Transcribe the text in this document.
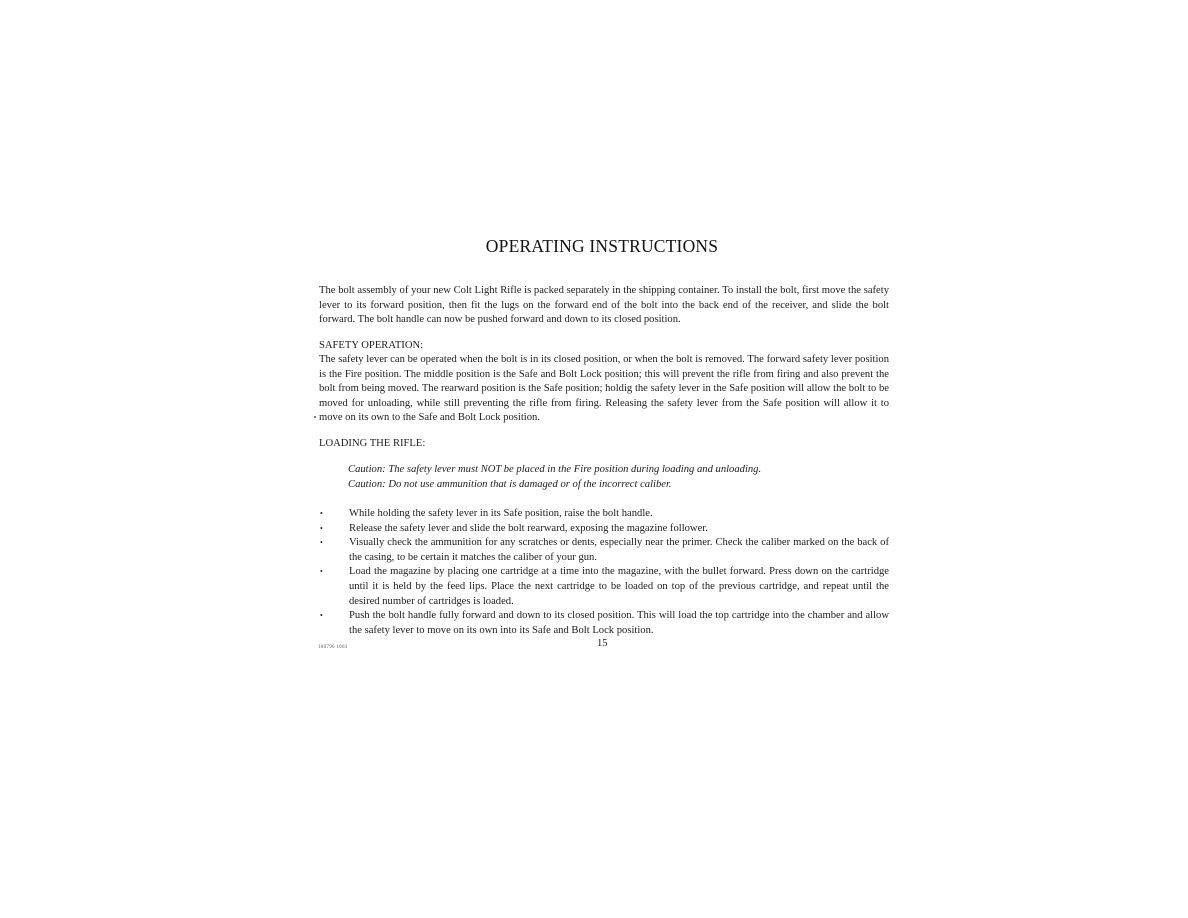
OPERATING INSTRUCTIONS
The bolt assembly of your new Colt Light Rifle is packed separately in the shipping container. To install the bolt, first move the safety lever to its forward position, then fit the lugs on the forward end of the bolt into the back end of the receiver, and slide the bolt forward. The bolt handle can now be pushed forward and down to its closed position.
SAFETY OPERATION:
The safety lever can be operated when the bolt is in its closed position, or when the bolt is removed. The forward safety lever position is the Fire position. The middle position is the Safe and Bolt Lock position; this will prevent the rifle from firing and also prevent the bolt from being moved. The rearward position is the Safe position; holdig the safety lever in the Safe position will allow the bolt to be moved for unloading, while still preventing the rifle from firing. Releasing the safety lever from the Safe position will allow it to move on its own to the Safe and Bolt Lock position.
LOADING THE RIFLE:
Caution: The safety lever must NOT be placed in the Fire position during loading and unloading.
Caution: Do not use ammunition that is damaged or of the incorrect caliber.
• While holding the safety lever in its Safe position, raise the bolt handle.
• Release the safety lever and slide the bolt rearward, exposing the magazine follower.
• Visually check the ammunition for any scratches or dents, especially near the primer. Check the caliber marked on the back of the casing, to be certain it matches the caliber of your gun.
• Load the magazine by placing one cartridge at a time into the magazine, with the bullet forward. Press down on the cartridge until it is held by the feed lips. Place the next cartridge to be loaded on top of the previous cartridge, and repeat until the desired number of cartridges is loaded.
• Push the bolt handle fully forward and down to its closed position. This will load the top cartridge into the chamber and allow the safety lever to move on its own into its Safe and Bolt Lock position.
15
100796 1003
